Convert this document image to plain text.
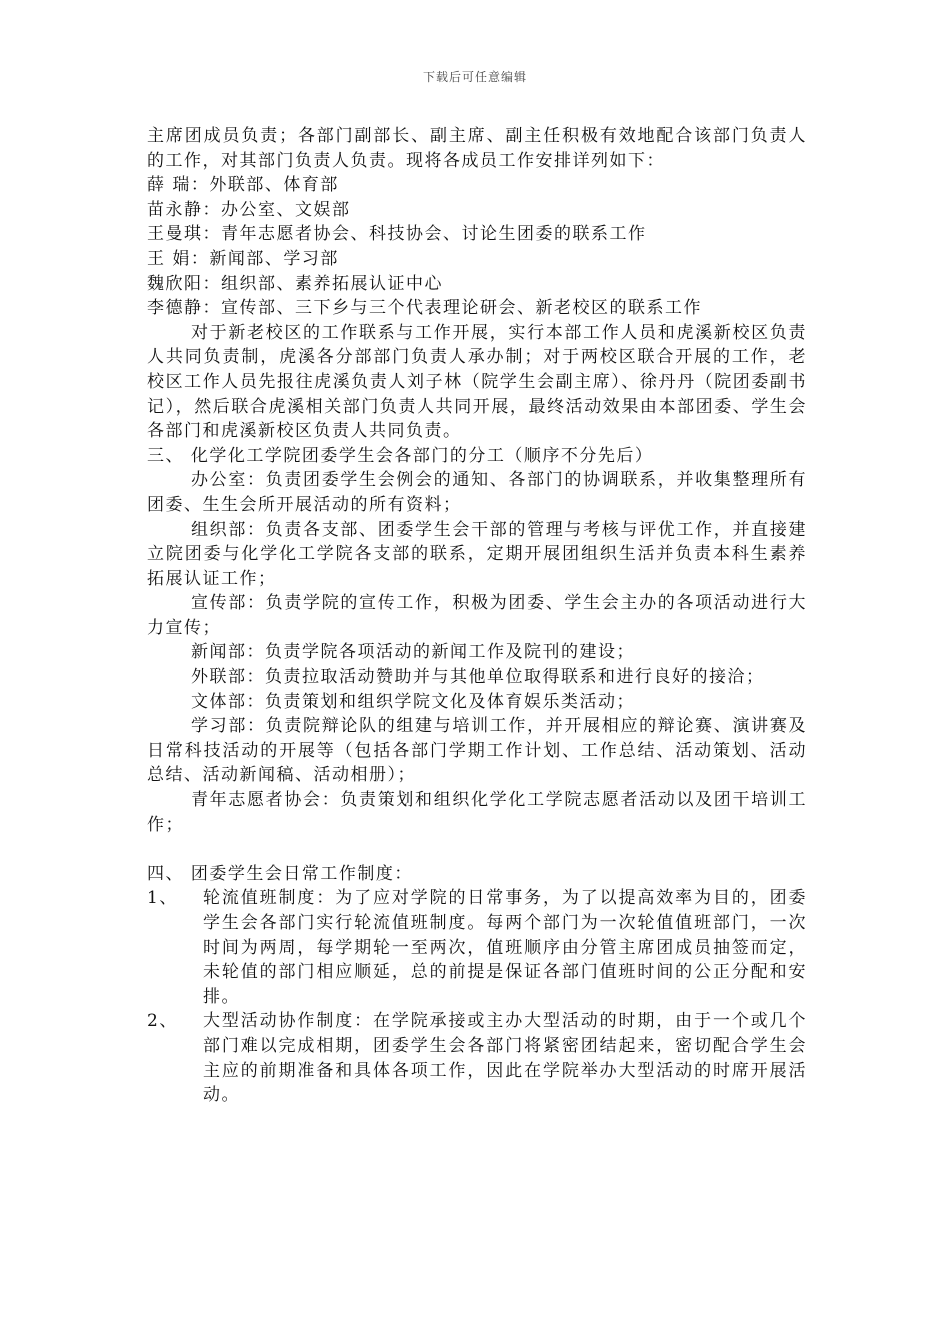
下载后可任意编辑

主席团成员负责；各部门副部长、副主席、副主任积极有效地配合该部门负责人的工作，对其部门负责人负责。现将各成员工作安排详列如下：

薛 瑞：外联部、体育部

苗永静：办公室、文娱部

王曼琪：青年志愿者协会、科技协会、讨论生团委的联系工作

王 娟：新闻部、学习部

魏欣阳：组织部、素养拓展认证中心

李德静：宣传部、三下乡与三个代表理论研会、新老校区的联系工作

对于新老校区的工作联系与工作开展，实行本部工作人员和虎溪新校区负责人共同负责制，虎溪各分部部门负责人承办制；对于两校区联合开展的工作，老校区工作人员先报往虎溪负责人刘子林（院学生会副主席）、徐丹丹（院团委副书记），然后联合虎溪相关部门负责人共同开展，最终活动效果由本部团委、学生会各部门和虎溪新校区负责人共同负责。

三、 化学化工学院团委学生会各部门的分工（顺序不分先后）

办公室：负责团委学生会例会的通知、各部门的协调联系，并收集整理所有团委、生生会所开展活动的所有资料；

组织部：负责各支部、团委学生会干部的管理与考核与评优工作，并直接建立院团委与化学化工学院各支部的联系，定期开展团组织生活并负责本科生素养拓展认证工作；

宣传部：负责学院的宣传工作，积极为团委、学生会主办的各项活动进行大力宣传；

新闻部：负责学院各项活动的新闻工作及院刊的建设；

外联部：负责拉取活动赞助并与其他单位取得联系和进行良好的接洽；

文体部：负责策划和组织学院文化及体育娱乐类活动；

学习部：负责院辩论队的组建与培训工作，并开展相应的辩论赛、演讲赛及日常科技活动的开展等（包括各部门学期工作计划、工作总结、活动策划、活动总结、活动新闻稿、活动相册）；

青年志愿者协会：负责策划和组织化学化工学院志愿者活动以及团干培训工作；

四、 团委学生会日常工作制度：

1、	轮流值班制度：为了应对学院的日常事务，为了以提高效率为目的，团委学生会各部门实行轮流值班制度。每两个部门为一次轮值值班部门，一次时间为两周，每学期轮一至两次，值班顺序由分管主席团成员抽签而定，未轮值的部门相应顺延，总的前提是保证各部门值班时间的公正分配和安排。
2、	大型活动协作制度：在学院承接或主办大型活动的时期，由于一个或几个部门难以完成相期，团委学生会各部门将紧密团结起来，密切配合学生会主应的前期准备和具体各项工作，因此在学院举办大型活动的时席开展活动。
